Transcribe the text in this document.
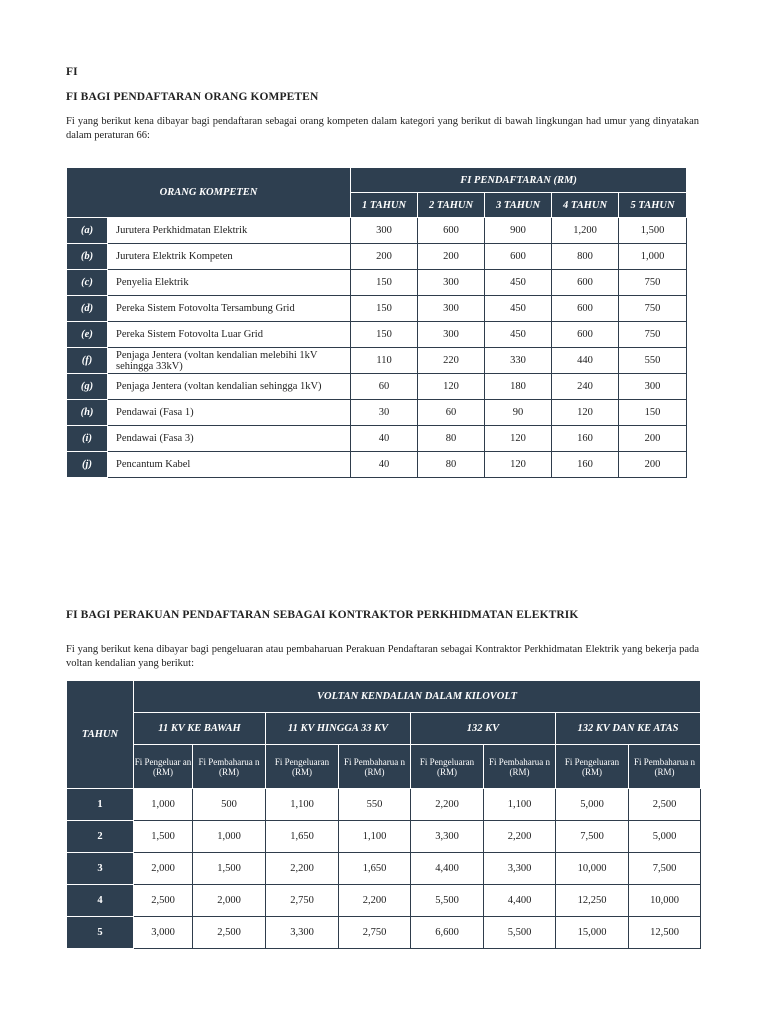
FI
FI BAGI PENDAFTARAN ORANG KOMPETEN
Fi yang berikut kena dibayar bagi pendaftaran sebagai orang kompeten dalam kategori yang berikut di bawah lingkungan had umur yang dinyatakan dalam peraturan 66:
ORANG KOMPETEN		FI PENDAFTARAN (RM)				
		1 TAHUN	2 TAHUN	3 TAHUN	4 TAHUN	5 TAHUN
(a)	Jurutera Perkhidmatan Elektrik	300	600	900	1,200	1,500
(b)	Jurutera Elektrik Kompeten	200	200	600	800	1,000
(c)	Penyelia Elektrik	150	300	450	600	750
(d)	Pereka Sistem Fotovolta Tersambung Grid	150	300	450	600	750
(e)	Pereka Sistem Fotovolta Luar Grid	150	300	450	600	750
(f)	Penjaga Jentera (voltan kendalian melebihi 1kV sehingga 33kV)	110	220	330	440	550
(g)	Penjaga Jentera (voltan kendalian sehingga 1kV)	60	120	180	240	300
(h)	Pendawai (Fasa 1)	30	60	90	120	150
(i)	Pendawai (Fasa 3)	40	80	120	160	200
(j)	Pencantum Kabel	40	80	120	160	200
FI BAGI PERAKUAN PENDAFTARAN SEBAGAI KONTRAKTOR PERKHIDMATAN ELEKTRIK
Fi yang berikut kena dibayar bagi pengeluaran atau pembaharuan Perakuan Pendaftaran sebagai Kontraktor Perkhidmatan Elektrik yang bekerja pada voltan kendalian yang berikut:
TAHUN	VOLTAN KENDALIAN DALAM KILOVOLT							
	11 KV KE BAWAH		11 KV HINGGA 33 KV		132 KV		132 KV DAN KE ATAS	
	Fi Pengeluar an (RM)	Fi Pembaharua n (RM)	Fi Pengeluaran (RM)	Fi Pembaharua n (RM)	Fi Pengeluaran (RM)	Fi Pembaharua n (RM)	Fi Pengeluaran (RM)	Fi Pembaharua n (RM)
1	1,000	500	1,100	550	2,200	1,100	5,000	2,500
2	1,500	1,000	1,650	1,100	3,300	2,200	7,500	5,000
3	2,000	1,500	2,200	1,650	4,400	3,300	10,000	7,500
4	2,500	2,000	2,750	2,200	5,500	4,400	12,250	10,000
5	3,000	2,500	3,300	2,750	6,600	5,500	15,000	12,500
